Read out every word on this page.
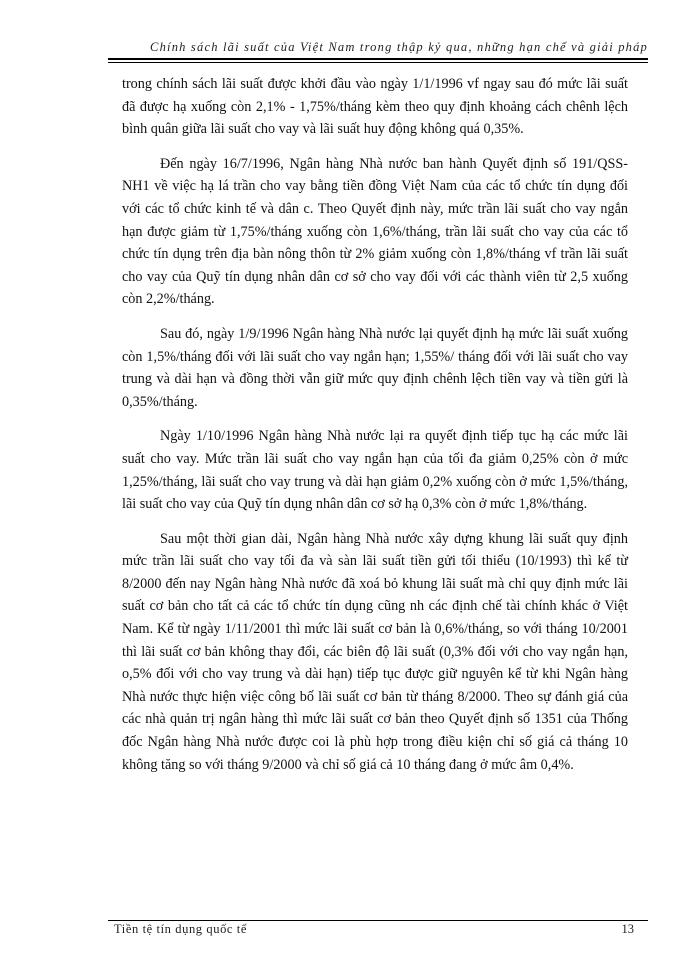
Chính sách lãi suất của Việt Nam trong thập kỷ qua, những hạn chế và giải pháp

trong chính sách lãi suất được khởi đầu vào ngày 1/1/1996 vf ngay sau đó mức lãi suất đã được hạ xuống còn 2,1% - 1,75%/tháng kèm theo quy định khoảng cách chênh lệch bình quân giữa lãi suất cho vay và lãi suất huy động không quá 0,35%.

Đến ngày 16/7/1996, Ngân hàng Nhà nước ban hành Quyết định số 191/QSS-NH1 về việc hạ lá trần cho vay bằng tiền đồng Việt Nam của các tổ chức tín dụng đối với các tổ chức kinh tế và dân c. Theo Quyết định này, mức trần lãi suất cho vay ngắn hạn được giảm từ 1,75%/tháng xuống còn 1,6%/tháng, trần lãi suất cho vay của các tổ chức tín dụng trên địa bàn nông thôn từ 2% giảm xuống còn 1,8%/tháng vf trần lãi suất cho vay của Quỹ tín dụng nhân dân cơ sở cho vay đối với các thành viên từ 2,5 xuống còn 2,2%/tháng.

Sau đó, ngày 1/9/1996 Ngân hàng Nhà nước lại quyết định hạ mức lãi suất xuống còn 1,5%/tháng đối với lãi suất cho vay ngắn hạn; 1,55%/ tháng đối với lãi suất cho vay trung và dài hạn và đồng thời vẫn giữ mức quy định chênh lệch tiền vay và tiền gửi là 0,35%/tháng.

Ngày 1/10/1996 Ngân hàng Nhà nước lại ra quyết định tiếp tục hạ các mức lãi suất cho vay. Mức trần lãi suất cho vay ngắn hạn của tối đa giảm 0,25% còn ở mức 1,25%/tháng, lãi suất cho vay trung và dài hạn giảm 0,2% xuống còn ở mức 1,5%/tháng, lãi suất cho vay của Quỹ tín dụng nhân dân cơ sở hạ 0,3% còn ở mức 1,8%/tháng.

Sau một thời gian dài, Ngân hàng Nhà nước xây dựng khung lãi suất quy định mức trần lãi suất cho vay tối đa và sàn lãi suất tiền gửi tối thiểu (10/1993) thì kể từ 8/2000 đến nay Ngân hàng Nhà nước đã xoá bỏ khung lãi suất mà chỉ quy định mức lãi suất cơ bản cho tất cả các tổ chức tín dụng cũng nh các định chế tài chính khác ở Việt Nam. Kể từ ngày 1/11/2001 thì mức lãi suất cơ bản là 0,6%/tháng, so với tháng 10/2001 thì lãi suất cơ bản không thay đổi, các biên độ lãi suất (0,3% đối với cho vay ngắn hạn, o,5% đối với cho vay trung và dài hạn) tiếp tục được giữ nguyên kể từ khi Ngân hàng Nhà nước thực hiện việc công bố lãi suất cơ bản từ tháng 8/2000. Theo sự đánh giá của các nhà quản trị ngân hàng thì mức lãi suất cơ bản theo Quyết định số 1351 của Thống đốc Ngân hàng Nhà nước được coi là phù hợp trong điều kiện chỉ số giá cả tháng 10 không tăng so với tháng 9/2000 và chỉ số giá cả 10 tháng đang ở mức âm 0,4%.

Tiền tệ tín dụng quốc tế	13
